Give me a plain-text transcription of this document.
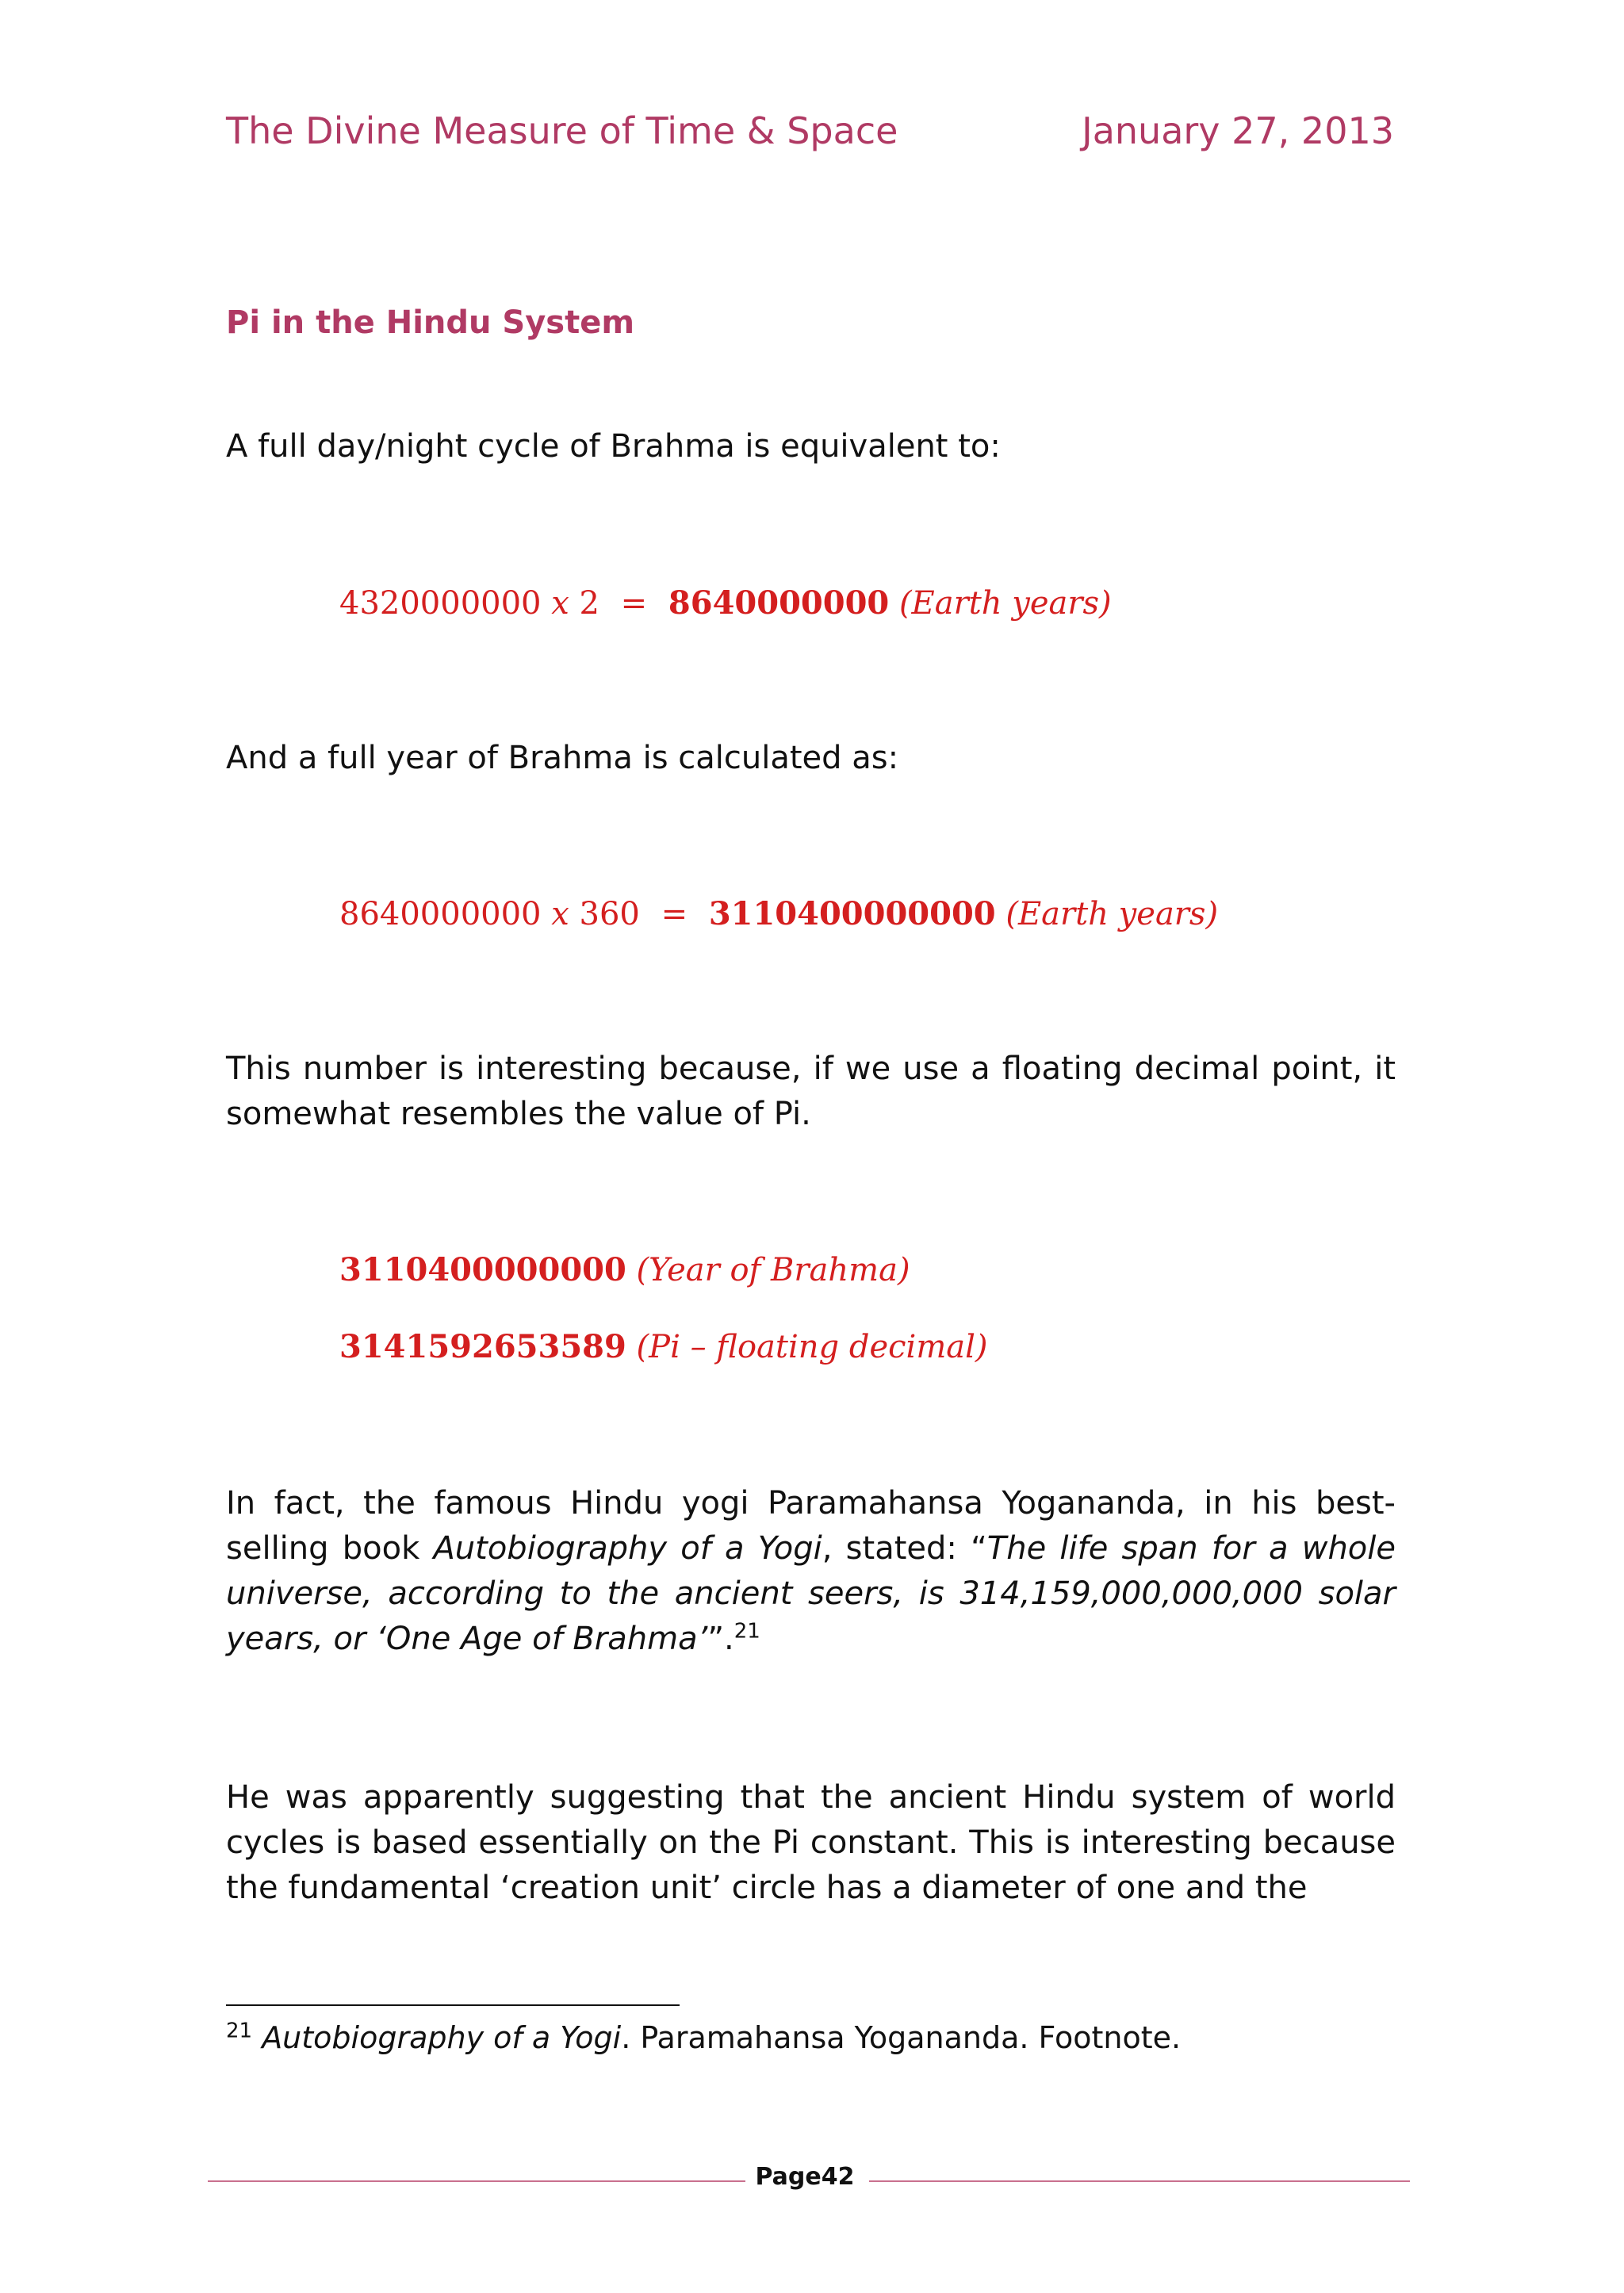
The Divine Measure of Time & Space	January 27, 2013
Pi in the Hindu System
A full day/night cycle of Brahma is equivalent to:
4320000000 x 2 = 8640000000 (Earth years)
And a full year of Brahma is calculated as:
8640000000 x 360 = 3110400000000 (Earth years)
This number is interesting because, if we use a floating decimal point, it somewhat resembles the value of Pi.
3110400000000 (Year of Brahma)
3141592653589 (Pi – floating decimal)
In fact, the famous Hindu yogi Paramahansa Yogananda, in his best-selling book Autobiography of a Yogi, stated: “The life span for a whole universe, according to the ancient seers, is 314,159,000,000,000 solar years, or ‘One Age of Brahma’”.$^{21}$
He was apparently suggesting that the ancient Hindu system of world cycles is based essentially on the Pi constant. This is interesting because the fundamental ‘creation unit’ circle has a diameter of one and the
$^{21}$ Autobiography of a Yogi. Paramahansa Yogananda. Footnote.
Page42
